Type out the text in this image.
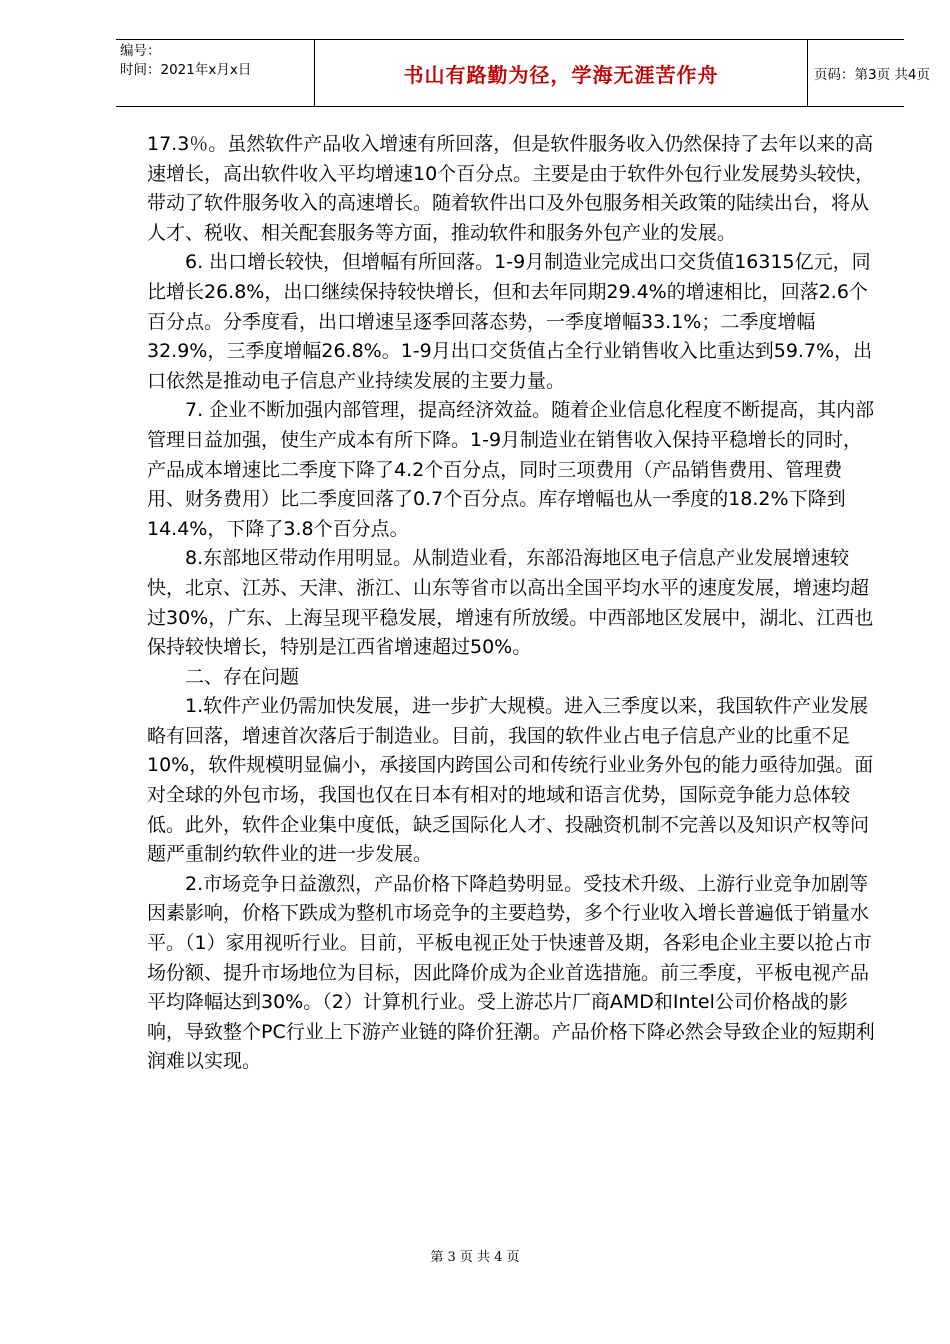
编号：
时间：2021年x月x日	书山有路勤为径，学海无涯苦作舟	页码：第3页 共4页

17.3％。虽然软件产品收入增速有所回落，但是软件服务收入仍然保持了去年以来的高速增长，高出软件收入平均增速10个百分点。主要是由于软件外包行业发展势头较快，带动了软件服务收入的高速增长。随着软件出口及外包服务相关政策的陆续出台，将从人才、税收、相关配套服务等方面，推动软件和服务外包产业的发展。

6. 出口增长较快，但增幅有所回落。1-9月制造业完成出口交货值16315亿元，同比增长26.8%，出口继续保持较快增长，但和去年同期29.4%的增速相比，回落2.6个百分点。分季度看，出口增速呈逐季回落态势，一季度增幅33.1%；二季度增幅32.9%，三季度增幅26.8%。1-9月出口交货值占全行业销售收入比重达到59.7%，出口依然是推动电子信息产业持续发展的主要力量。

7. 企业不断加强内部管理，提高经济效益。随着企业信息化程度不断提高，其内部管理日益加强，使生产成本有所下降。1-9月制造业在销售收入保持平稳增长的同时，产品成本增速比二季度下降了4.2个百分点，同时三项费用（产品销售费用、管理费用、财务费用）比二季度回落了0.7个百分点。库存增幅也从一季度的18.2%下降到14.4%，下降了3.8个百分点。

8.东部地区带动作用明显。从制造业看，东部沿海地区电子信息产业发展增速较快，北京、江苏、天津、浙江、山东等省市以高出全国平均水平的速度发展，增速均超过30%，广东、上海呈现平稳发展，增速有所放缓。中西部地区发展中，湖北、江西也保持较快增长，特别是江西省增速超过50%。

二、存在问题

1.软件产业仍需加快发展，进一步扩大规模。进入三季度以来，我国软件产业发展略有回落，增速首次落后于制造业。目前，我国的软件业占电子信息产业的比重不足10%，软件规模明显偏小，承接国内跨国公司和传统行业业务外包的能力亟待加强。面对全球的外包市场，我国也仅在日本有相对的地域和语言优势，国际竞争能力总体较低。此外，软件企业集中度低，缺乏国际化人才、投融资机制不完善以及知识产权等问题严重制约软件业的进一步发展。

2.市场竞争日益激烈，产品价格下降趋势明显。受技术升级、上游行业竞争加剧等因素影响，价格下跌成为整机市场竞争的主要趋势，多个行业收入增长普遍低于销量水平。（1）家用视听行业。目前，平板电视正处于快速普及期，各彩电企业主要以抢占市场份额、提升市场地位为目标，因此降价成为企业首选措施。前三季度，平板电视产品平均降幅达到30%。（2）计算机行业。受上游芯片厂商AMD和Intel公司价格战的影响，导致整个PC行业上下游产业链的降价狂潮。产品价格下降必然会导致企业的短期利润难以实现。

第 3 页 共 4 页
